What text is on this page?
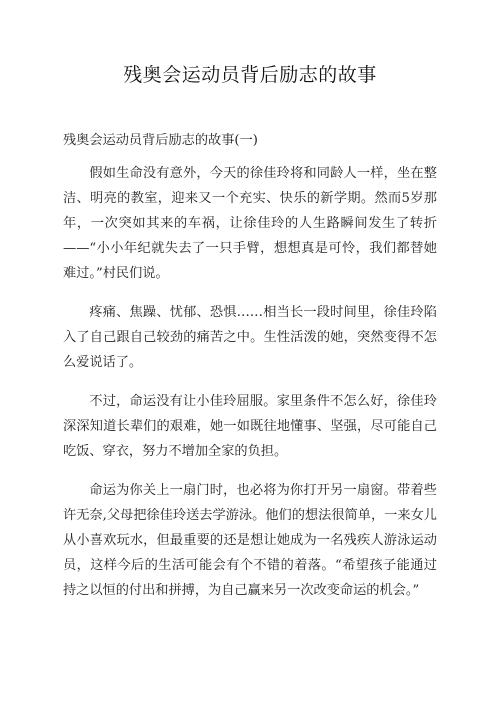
残奥会运动员背后励志的故事

残奥会运动员背后励志的故事(一)

假如生命没有意外，今天的徐佳玲将和同龄人一样，坐在整洁、明亮的教室，迎来又一个充实、快乐的新学期。然而5岁那年，一次突如其来的车祸，让徐佳玲的人生路瞬间发生了转折——“小小年纪就失去了一只手臂，想想真是可怜，我们都替她难过。”村民们说。

疼痛、焦躁、忧郁、恐惧……相当长一段时间里，徐佳玲陷入了自己跟自己较劲的痛苦之中。生性活泼的她，突然变得不怎么爱说话了。

不过，命运没有让小佳玲屈服。家里条件不怎么好，徐佳玲深深知道长辈们的艰难，她一如既往地懂事、坚强，尽可能自己吃饭、穿衣，努力不增加全家的负担。

命运为你关上一扇门时，也必将为你打开另一扇窗。带着些许无奈,父母把徐佳玲送去学游泳。他们的想法很简单，一来女儿从小喜欢玩水，但最重要的还是想让她成为一名残疾人游泳运动员，这样今后的生活可能会有个不错的着落。“希望孩子能通过持之以恒的付出和拼搏，为自己赢来另一次改变命运的机会。”
